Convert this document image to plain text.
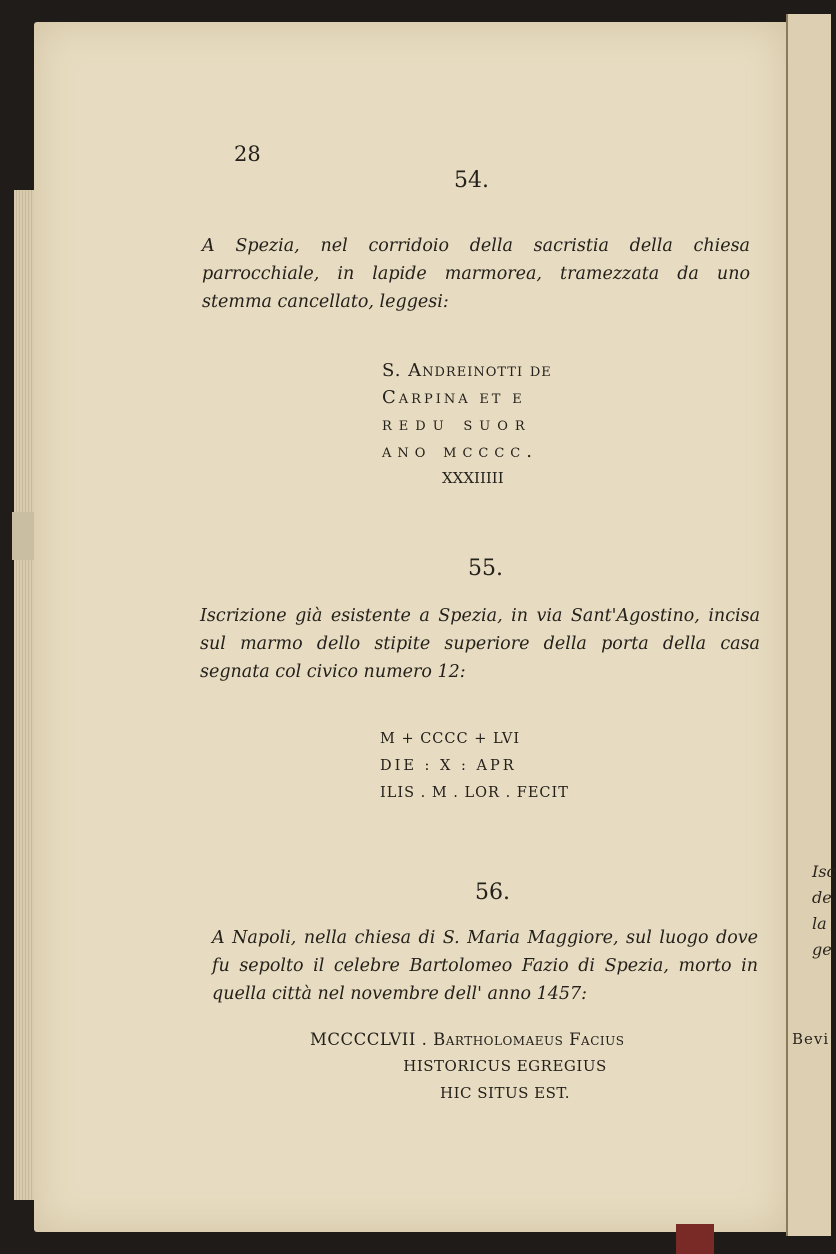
28
54.

A Spezia, nel corridoio della sacristia della chiesa parrocchiale, in lapide marmorea, tramezzata da uno stemma cancellato, leggesi:

S. Andreinotti de
Carpina et e
redu suor
ano mcccc.
XXXIIIII
55.

Iscrizione già esistente a Spezia, in via Sant'Agostino, incisa sul marmo dello stipite superiore della porta della casa segnata col civico numero 12:

M + CCCC + LVI
DIE : X : APR
ILIS . M . LOR . FECIT
56.

A Napoli, nella chiesa di S. Maria Maggiore, sul luogo dove fu sepolto il celebre Bartolomeo Fazio di Spezia, morto in quella città nel novembre dell' anno 1457:

MCCCCLVII . Bartholomaeus Facius
HISTORICUS EGREGIUS
HIC SITUS EST.
Isc
de
la
ge
Bevi
